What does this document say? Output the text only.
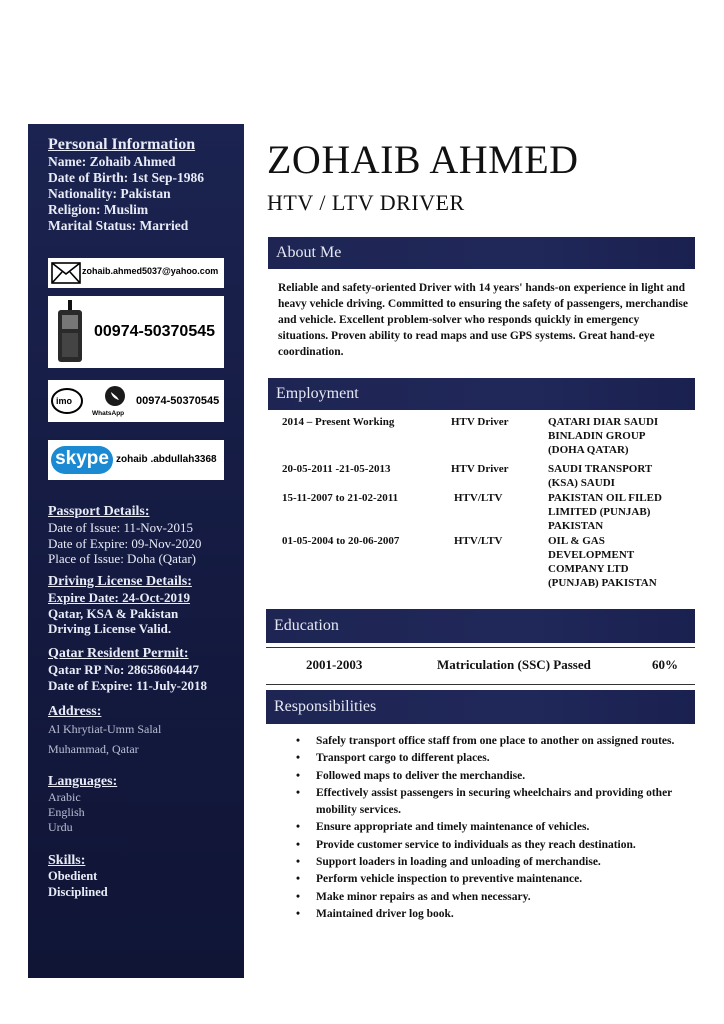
Personal Information
Name: Zohaib Ahmed
Date of Birth: 1st Sep-1986
Nationality: Pakistan
Religion: Muslim
Marital Status: Married
zohaib.ahmed5037@yahoo.com
00974-50370545
imo
WhatsApp
00974-50370545
skype zohaib .abdullah3368
Passport Details:
Date of Issue: 11-Nov-2015
Date of Expire: 09-Nov-2020
Place of Issue: Doha (Qatar)
Driving License Details:
Expire Date: 24-Oct-2019
Qatar, KSA & Pakistan
Driving License Valid.
Qatar Resident Permit:
Qatar RP No: 28658604447
Date of Expire: 11-July-2018
Address:
Al Khrytiat-Umm Salal
Muhammad, Qatar
Languages:
Arabic
English
Urdu
Skills:
Obedient
Disciplined
ZOHAIB AHMED
HTV / LTV DRIVER
About Me
Reliable and safety-oriented Driver with 14 years' hands-on experience in light and heavy vehicle driving. Committed to ensuring the safety of passengers, merchandise and vehicle. Excellent problem-solver who responds quickly in emergency situations. Proven ability to read maps and use GPS systems. Great hand-eye coordination.
Employment
2014 – Present Working	HTV Driver	QATARI DIAR SAUDI BINLADIN GROUP (DOHA QATAR)
20-05-2011 -21-05-2013	HTV Driver	SAUDI TRANSPORT (KSA) SAUDI
15-11-2007 to 21-02-2011	HTV/LTV	PAKISTAN OIL FILED LIMITED (PUNJAB) PAKISTAN
01-05-2004 to 20-06-2007	HTV/LTV	OIL & GAS DEVELOPMENT COMPANY LTD (PUNJAB) PAKISTAN
Education
2001-2003	Matriculation (SSC) Passed	60%
Responsibilities
• Safely transport office staff from one place to another on assigned routes.
• Transport cargo to different places.
• Followed maps to deliver the merchandise.
• Effectively assist passengers in securing wheelchairs and providing other mobility services.
• Ensure appropriate and timely maintenance of vehicles.
• Provide customer service to individuals as they reach destination.
• Support loaders in loading and unloading of merchandise.
• Perform vehicle inspection to preventive maintenance.
• Make minor repairs as and when necessary.
• Maintained driver log book.
